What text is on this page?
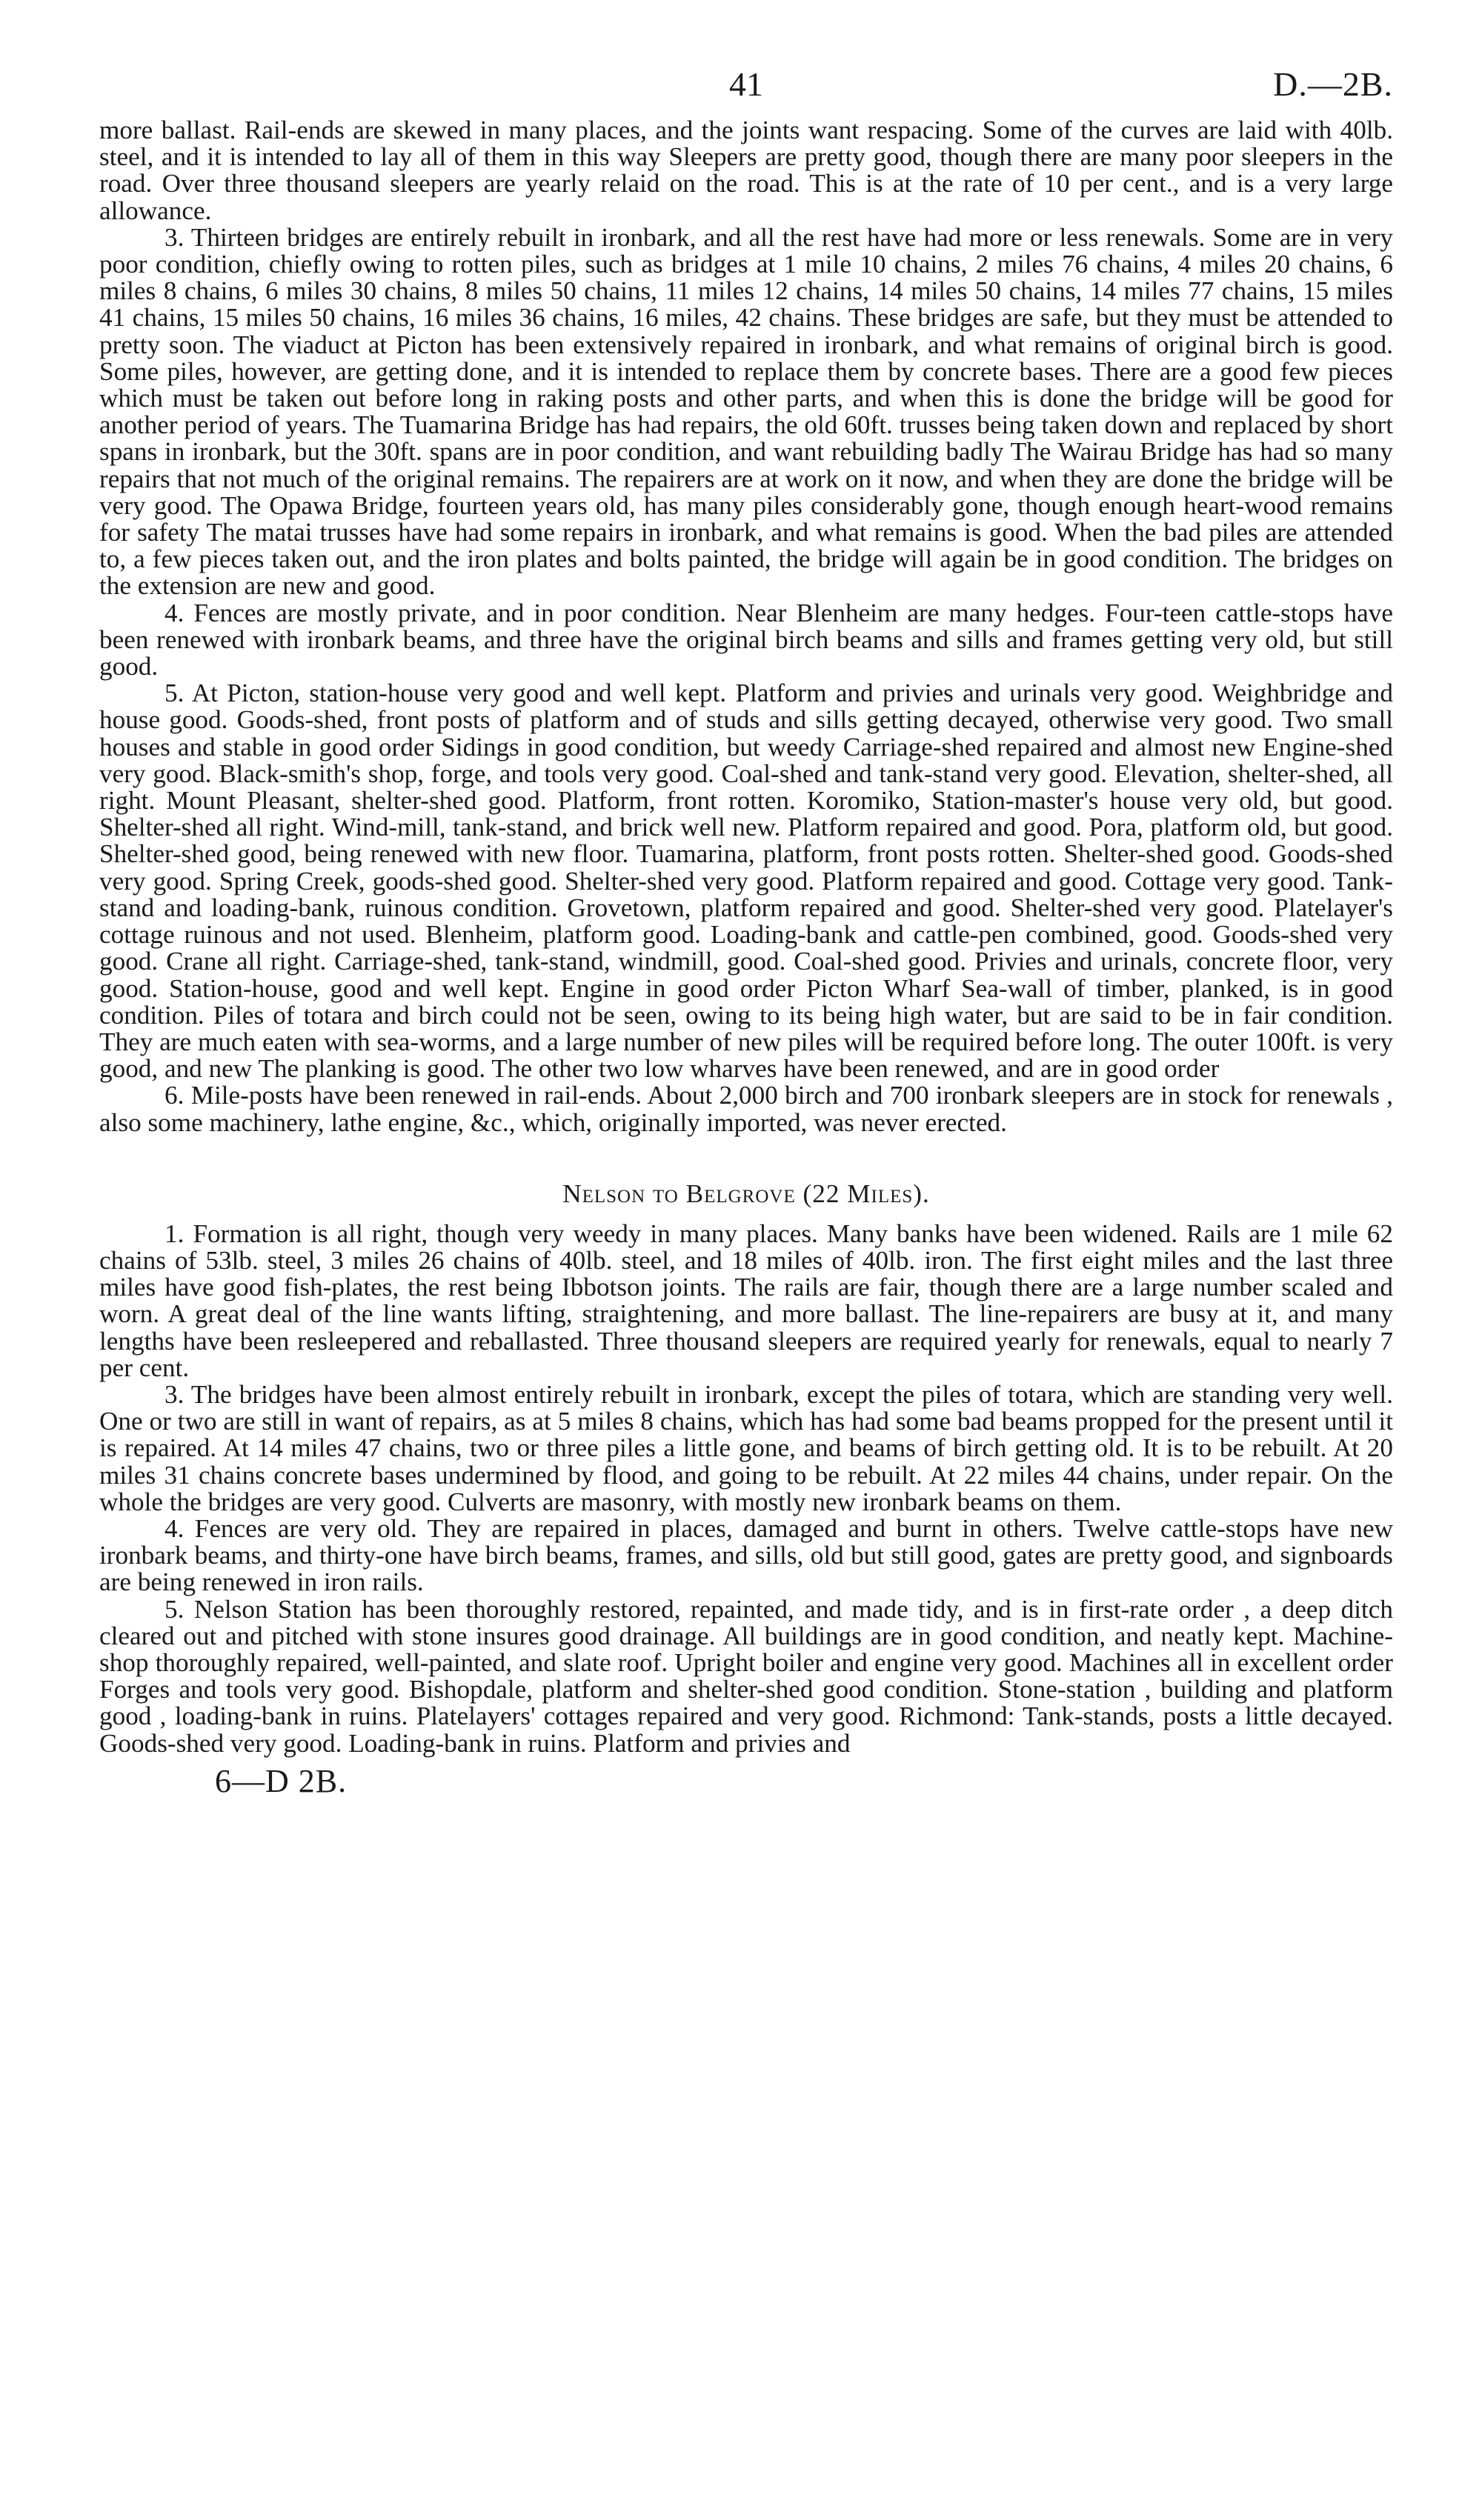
41	D.—2B.

more ballast. Rail-ends are skewed in many places, and the joints want respacing. Some of the curves are laid with 40lb. steel, and it is intended to lay all of them in this way Sleepers are pretty good, though there are many poor sleepers in the road. Over three thousand sleepers are yearly relaid on the road. This is at the rate of 10 per cent., and is a very large allowance.

3. Thirteen bridges are entirely rebuilt in ironbark, and all the rest have had more or less renewals. Some are in very poor condition, chiefly owing to rotten piles, such as bridges at 1 mile 10 chains, 2 miles 76 chains, 4 miles 20 chains, 6 miles 8 chains, 6 miles 30 chains, 8 miles 50 chains, 11 miles 12 chains, 14 miles 50 chains, 14 miles 77 chains, 15 miles 41 chains, 15 miles 50 chains, 16 miles 36 chains, 16 miles, 42 chains. These bridges are safe, but they must be attended to pretty soon. The viaduct at Picton has been extensively repaired in ironbark, and what remains of original birch is good. Some piles, however, are getting done, and it is intended to replace them by concrete bases. There are a good few pieces which must be taken out before long in raking posts and other parts, and when this is done the bridge will be good for another period of years. The Tuamarina Bridge has had repairs, the old 60ft. trusses being taken down and replaced by short spans in ironbark, but the 30ft. spans are in poor condition, and want rebuilding badly The Wairau Bridge has had so many repairs that not much of the original remains. The repairers are at work on it now, and when they are done the bridge will be very good. The Opawa Bridge, fourteen years old, has many piles considerably gone, though enough heart-wood remains for safety The matai trusses have had some repairs in ironbark, and what remains is good. When the bad piles are attended to, a few pieces taken out, and the iron plates and bolts painted, the bridge will again be in good condition. The bridges on the extension are new and good.

4. Fences are mostly private, and in poor condition. Near Blenheim are many hedges. Four-teen cattle-stops have been renewed with ironbark beams, and three have the original birch beams and sills and frames getting very old, but still good.

5. At Picton, station-house very good and well kept. Platform and privies and urinals very good. Weighbridge and house good. Goods-shed, front posts of platform and of studs and sills getting decayed, otherwise very good. Two small houses and stable in good order Sidings in good condition, but weedy Carriage-shed repaired and almost new Engine-shed very good. Black-smith's shop, forge, and tools very good. Coal-shed and tank-stand very good. Elevation, shelter-shed, all right. Mount Pleasant, shelter-shed good. Platform, front rotten. Koromiko, Station-master's house very old, but good. Shelter-shed all right. Wind-mill, tank-stand, and brick well new. Platform repaired and good. Pora, platform old, but good. Shelter-shed good, being renewed with new floor. Tuamarina, platform, front posts rotten. Shelter-shed good. Goods-shed very good. Spring Creek, goods-shed good. Shelter-shed very good. Platform repaired and good. Cottage very good. Tank-stand and loading-bank, ruinous condition. Grovetown, platform repaired and good. Shelter-shed very good. Platelayer's cottage ruinous and not used. Blenheim, platform good. Loading-bank and cattle-pen combined, good. Goods-shed very good. Crane all right. Carriage-shed, tank-stand, windmill, good. Coal-shed good. Privies and urinals, concrete floor, very good. Station-house, good and well kept. Engine in good order Picton Wharf Sea-wall of timber, planked, is in good condition. Piles of totara and birch could not be seen, owing to its being high water, but are said to be in fair condition. They are much eaten with sea-worms, and a large number of new piles will be required before long. The outer 100ft. is very good, and new The planking is good. The other two low wharves have been renewed, and are in good order

6. Mile-posts have been renewed in rail-ends. About 2,000 birch and 700 ironbark sleepers are in stock for renewals , also some machinery, lathe engine, &c., which, originally imported, was never erected.

Nelson to Belgrove (22 Miles).

1. Formation is all right, though very weedy in many places. Many banks have been widened. Rails are 1 mile 62 chains of 53lb. steel, 3 miles 26 chains of 40lb. steel, and 18 miles of 40lb. iron. The first eight miles and the last three miles have good fish-plates, the rest being Ibbotson joints. The rails are fair, though there are a large number scaled and worn. A great deal of the line wants lifting, straightening, and more ballast. The line-repairers are busy at it, and many lengths have been resleepered and reballasted. Three thousand sleepers are required yearly for renewals, equal to nearly 7 per cent.

3. The bridges have been almost entirely rebuilt in ironbark, except the piles of totara, which are standing very well. One or two are still in want of repairs, as at 5 miles 8 chains, which has had some bad beams propped for the present until it is repaired. At 14 miles 47 chains, two or three piles a little gone, and beams of birch getting old. It is to be rebuilt. At 20 miles 31 chains concrete bases undermined by flood, and going to be rebuilt. At 22 miles 44 chains, under repair. On the whole the bridges are very good. Culverts are masonry, with mostly new ironbark beams on them.

4. Fences are very old. They are repaired in places, damaged and burnt in others. Twelve cattle-stops have new ironbark beams, and thirty-one have birch beams, frames, and sills, old but still good, gates are pretty good, and signboards are being renewed in iron rails.

5. Nelson Station has been thoroughly restored, repainted, and made tidy, and is in first-rate order , a deep ditch cleared out and pitched with stone insures good drainage. All buildings are in good condition, and neatly kept. Machine-shop thoroughly repaired, well-painted, and slate roof. Upright boiler and engine very good. Machines all in excellent order Forges and tools very good. Bishopdale, platform and shelter-shed good condition. Stone-station , building and platform good , loading-bank in ruins. Platelayers' cottages repaired and very good. Richmond: Tank-stands, posts a little decayed. Goods-shed very good. Loading-bank in ruins. Platform and privies and

6—D 2B.
